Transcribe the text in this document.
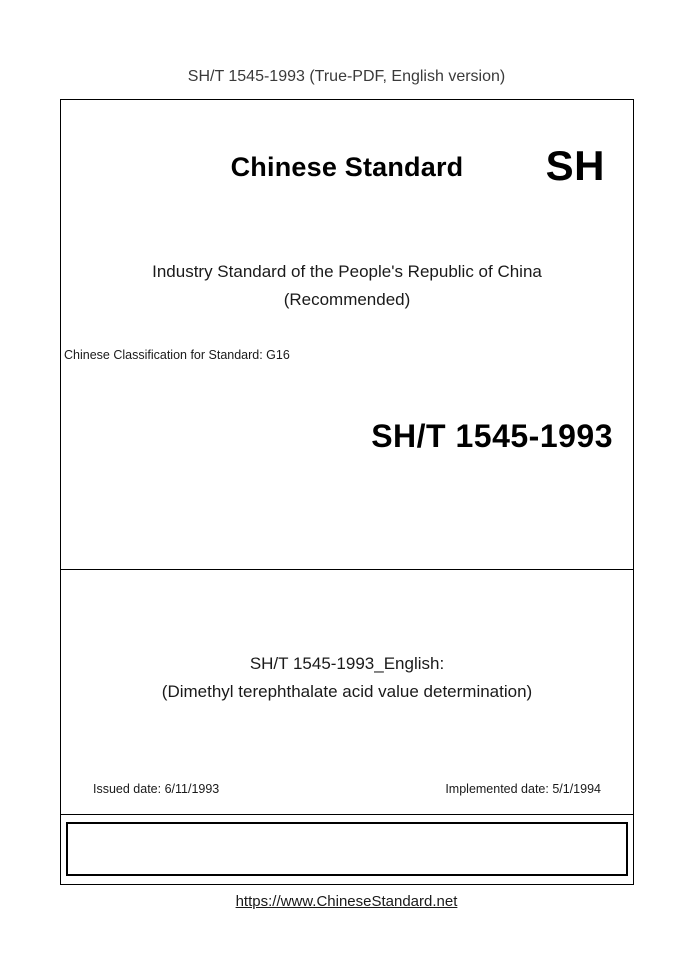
SH/T 1545-1993 (True-PDF, English version)
Chinese Standard	SH
Industry Standard of the People's Republic of China
(Recommended)
Chinese Classification for Standard: G16
SH/T 1545-1993
SH/T 1545-1993_English:
(Dimethyl terephthalate acid value determination)
Issued date: 6/11/1993	Implemented date: 5/1/1994
https://www.ChineseStandard.net
